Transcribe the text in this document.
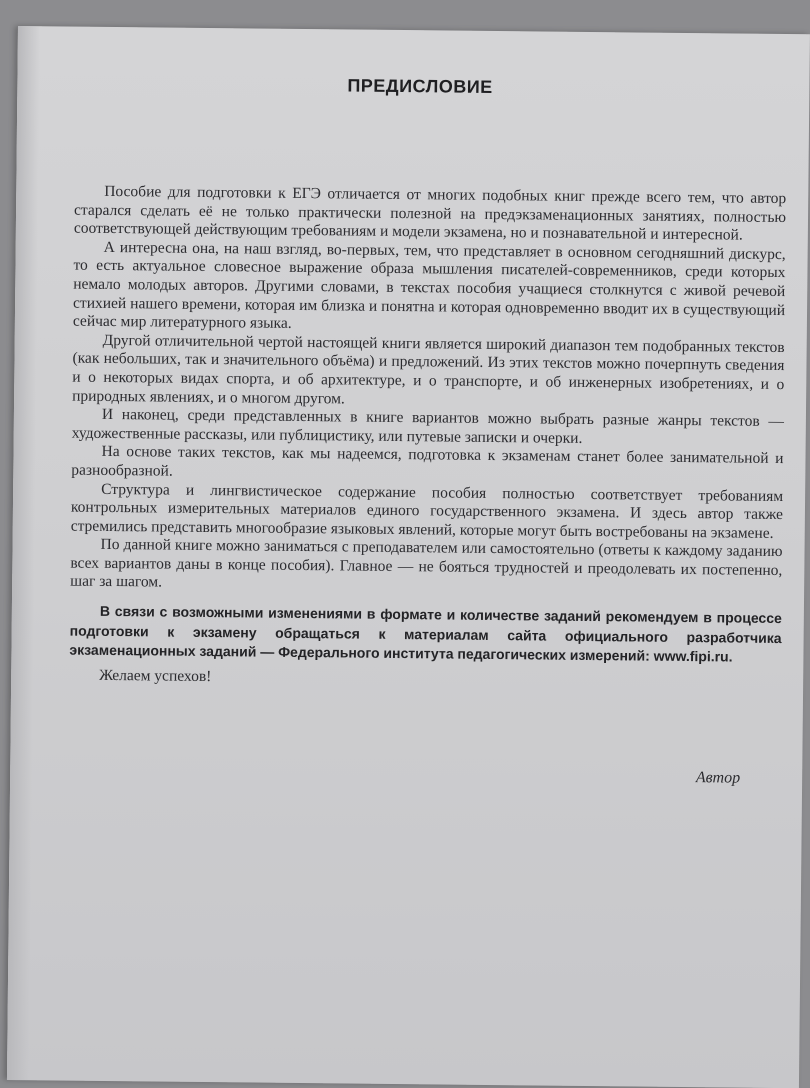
ПРЕДИСЛОВИЕ

Пособие для подготовки к ЕГЭ отличается от многих подобных книг прежде всего тем, что автор старался сделать её не только практически полезной на предэкзаменационных занятиях, полностью соответствующей действующим требованиям и модели экзамена, но и познавательной и интересной.

А интересна она, на наш взгляд, во-первых, тем, что представляет в основном сегодняшний дискурс, то есть актуальное словесное выражение образа мышления писателей-современников, среди которых немало молодых авторов. Другими словами, в текстах пособия учащиеся столкнутся с живой речевой стихией нашего времени, которая им близка и понятна и которая одновременно вводит их в существующий сейчас мир литературного языка.

Другой отличительной чертой настоящей книги является широкий диапазон тем подобранных текстов (как небольших, так и значительного объёма) и предложений. Из этих текстов можно почерпнуть сведения и о некоторых видах спорта, и об архитектуре, и о транспорте, и об инженерных изобретениях, и о природных явлениях, и о многом другом.

И наконец, среди представленных в книге вариантов можно выбрать разные жанры текстов — художественные рассказы, или публицистику, или путевые записки и очерки.

На основе таких текстов, как мы надеемся, подготовка к экзаменам станет более занимательной и разнообразной.

Структура и лингвистическое содержание пособия полностью соответствует требованиям контрольных измерительных материалов единого государственного экзамена. И здесь автор также стремились представить многообразие языковых явлений, которые могут быть востребованы на экзамене.

По данной книге можно заниматься с преподавателем или самостоятельно (ответы к каждому заданию всех вариантов даны в конце пособия). Главное — не бояться трудностей и преодолевать их постепенно, шаг за шагом.

В связи с возможными изменениями в формате и количестве заданий рекомендуем в процессе подготовки к экзамену обращаться к материалам сайта официального разработчика экзаменационных заданий — Федерального института педагогических измерений: www.fipi.ru.

Желаем успехов!

Автор
